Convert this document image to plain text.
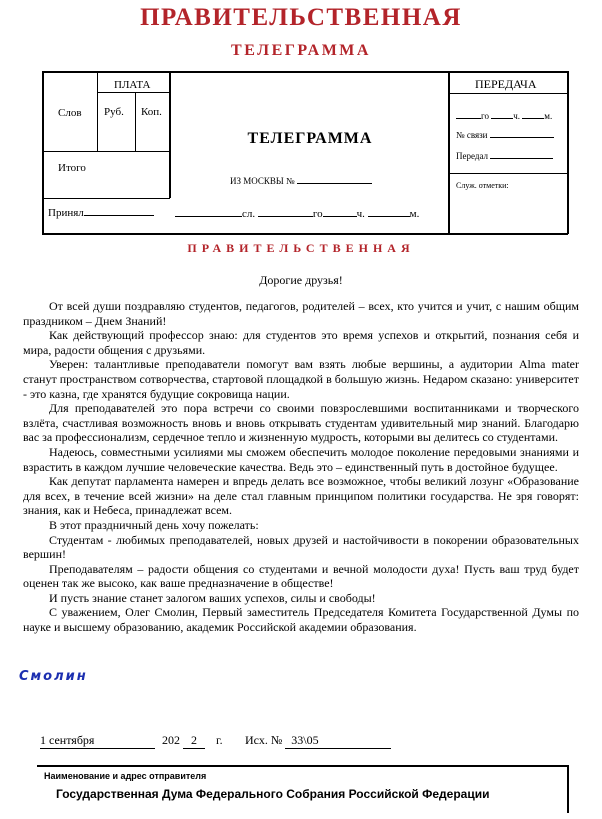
ПРАВИТЕЛЬСТВЕННАЯ
ТЕЛЕГРАММА
ПЛАТА
Слов Руб. Коп.
Итого
Принял
ТЕЛЕГРАММА
ИЗ МОСКВЫ №
сл.	го	ч.	м.
ПЕРЕДАЧА
го	ч.	м.
№ связи
Передал
Служ. отметки:
ПРАВИТЕЛЬСТВЕННАЯ
Дорогие друзья!

От всей души поздравляю студентов, педагогов, родителей – всех, кто учится и учит, с нашим общим праздником – Днем Знаний!

Как действующий профессор знаю: для студентов это время успехов и открытий, познания себя и мира, радости общения с друзьями.

Уверен: талантливые преподаватели помогут вам взять любые вершины, а аудитории Alma mater станут пространством сотворчества, стартовой площадкой в большую жизнь. Недаром сказано: университет - это казна, где хранятся будущие сокровища нации.

Для преподавателей это пора встречи со своими повзрослевшими воспитанниками и творческого взлёта, счастливая возможность вновь и вновь открывать студентам удивительный мир знаний. Благодарю вас за профессионализм, сердечное тепло и жизненную мудрость, которыми вы делитесь со студентами.

Надеюсь, совместными усилиями мы сможем обеспечить молодое поколение передовыми знаниями и взрастить в каждом лучшие человеческие качества. Ведь это – единственный путь в достойное будущее.

Как депутат парламента намерен и впредь делать все возможное, чтобы великий лозунг «Образование для всех, в течение всей жизни» на деле стал главным принципом политики государства. Не зря говорят: знания, как и Небеса, принадлежат всем.

В этот праздничный день хочу пожелать:

Студентам - любимых преподавателей, новых друзей и настойчивости в покорении образовательных вершин!

Преподавателям – радости общения со студентами и вечной молодости духа! Пусть ваш труд будет оценен так же высоко, как ваше предназначение в обществе!

И пусть знание станет залогом ваших успехов, силы и свободы!

С уважением, Олег Смолин, Первый заместитель Председателя Комитета Государственной Думы по науке и высшему образованию, академик Российской академии образования.

Смолин
1 сентября	202 2	г. Исх. № 33\05
Наименование и адрес отправителя
Государственная Дума Федерального Собрания Российской Федерации
